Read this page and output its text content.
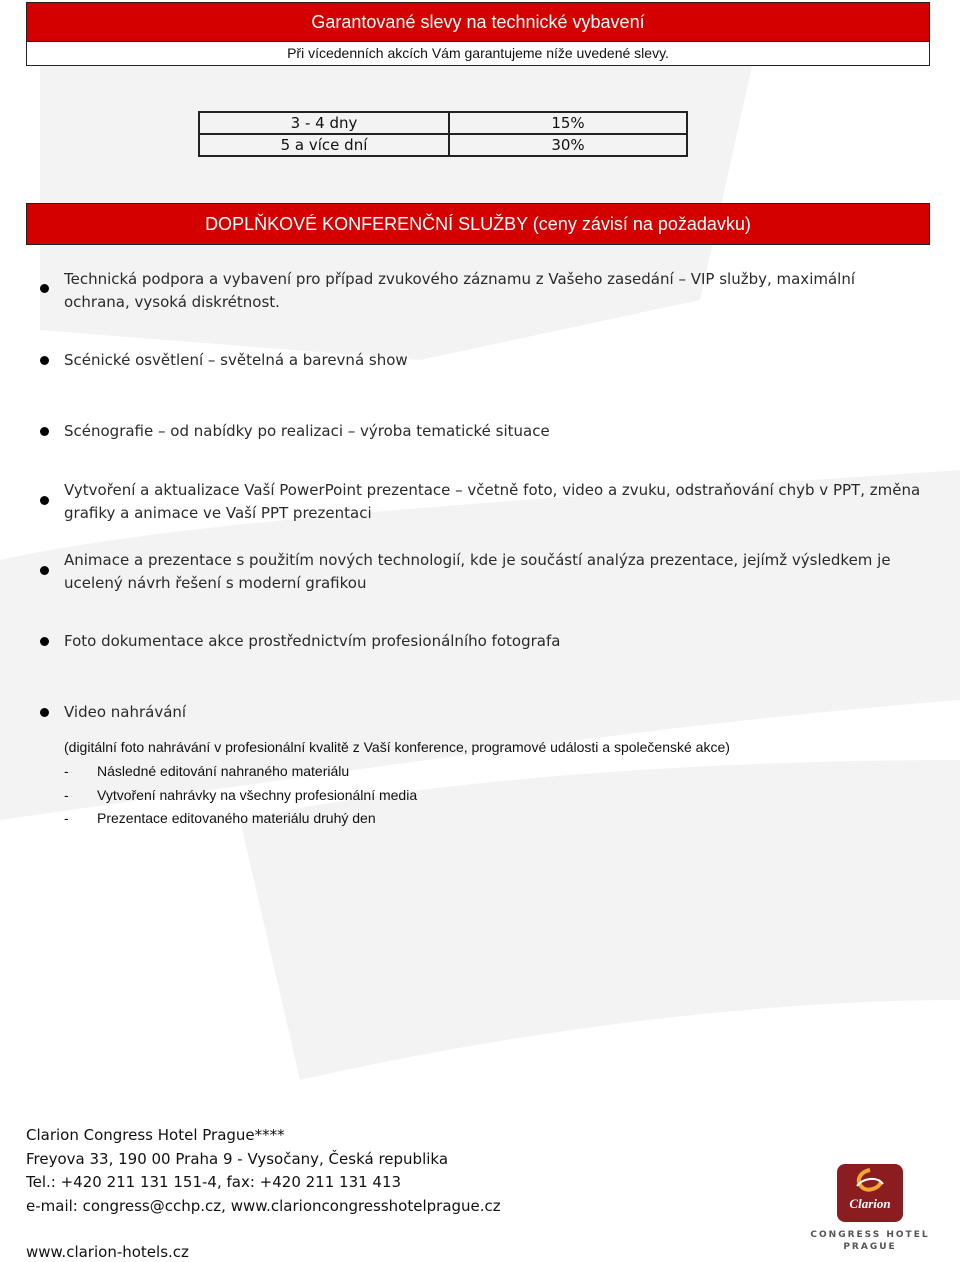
Garantované slevy na technické vybavení
Při vícedenních akcích Vám garantujeme níže uvedené slevy.
3 - 4 dny	15%
5 a více dní	30%
DOPLŇKOVÉ KONFERENČNÍ SLUŽBY (ceny závisí na požadavku)
Technická podpora a vybavení pro případ zvukového záznamu z Vašeho zasedání – VIP služby, maximální ochrana, vysoká diskrétnost.
Scénické osvětlení – světelná a barevná show
Scénografie – od nabídky po realizaci – výroba tematické situace
Vytvoření a aktualizace Vaší PowerPoint prezentace – včetně foto, video a zvuku, odstraňování chyb v PPT, změna grafiky a animace ve Vaší PPT prezentaci
Animace a prezentace s použitím nových technologií, kde je součástí analýza prezentace, jejímž výsledkem je ucelený návrh řešení s moderní grafikou
Foto dokumentace akce prostřednictvím profesionálního fotografa
Video nahrávání
(digitální foto nahrávání v profesionální kvalitě z Vaší konference, programové události a společenské akce)
- Následné editování nahraného materiálu
- Vytvoření nahrávky na všechny profesionální media
- Prezentace editovaného materiálu druhý den
Clarion Congress Hotel Prague****
Freyova 33, 190 00 Praha 9 - Vysočany, Česká republika
Tel.: +420 211 131 151-4, fax: +420 211 131 413
e-mail: congress@cchp.cz, www.clarioncongresshotelprague.cz
www.clarion-hotels.cz
Clarion
CONGRESS HOTEL
PRAGUE
